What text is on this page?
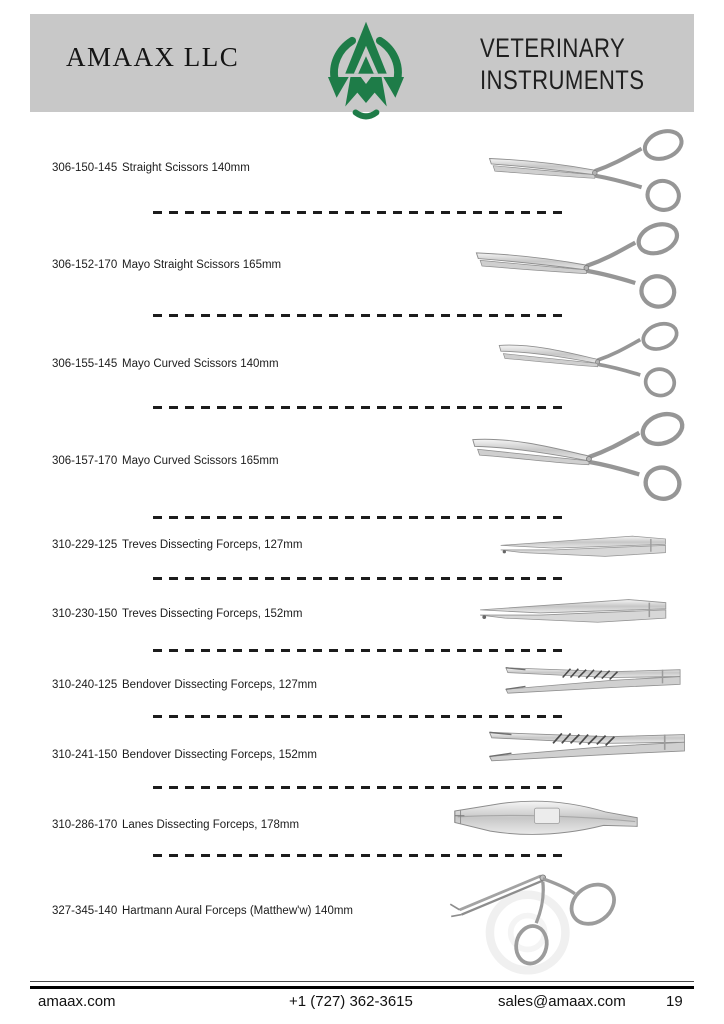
AMAAX LLC	VETERINARY
INSTRUMENTS
306-150-145 Straight Scissors 140mm
306-152-170 Mayo Straight Scissors 165mm
306-155-145 Mayo Curved Scissors 140mm
306-157-170 Mayo Curved Scissors 165mm
310-229-125 Treves Dissecting Forceps, 127mm
310-230-150 Treves Dissecting Forceps, 152mm
310-240-125 Bendover Dissecting Forceps, 127mm
310-241-150 Bendover Dissecting Forceps, 152mm
310-286-170 Lanes Dissecting Forceps, 178mm
327-345-140 Hartmann Aural Forceps (Matthew'w) 140mm
amaax.com	+1 (727) 362-3615	sales@amaax.com	19
